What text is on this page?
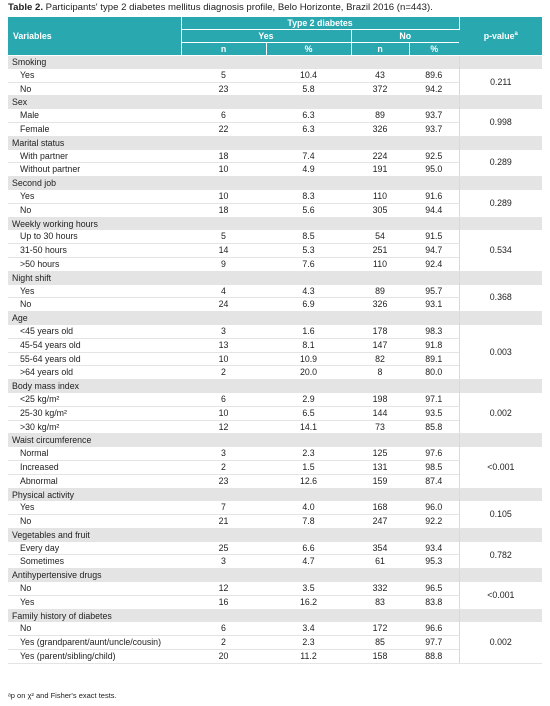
Table 2. Participants' type 2 diabetes mellitus diagnosis profile, Belo Horizonte, Brazil 2016 (n=443).
Variables	Type 2 diabetes				p-value$^a$
	Yes		No		
	n	%	n	%	
Smoking					
Yes	5	10.4	43	89.6	0.211
No	23	5.8	372	94.2	
Sex					
Male	6	6.3	89	93.7	0.998
Female	22	6.3	326	93.7	
Marital status					
With partner	18	7.4	224	92.5	0.289
Without partner	10	4.9	191	95.0	
Second job					
Yes	10	8.3	110	91.6	0.289
No	18	5.6	305	94.4	
Weekly working hours					
Up to 30 hours	5	8.5	54	91.5	0.534
31-50 hours	14	5.3	251	94.7	
>50 hours	9	7.6	110	92.4	
Night shift					
Yes	4	4.3	89	95.7	0.368
No	24	6.9	326	93.1	
Age					
<45 years old	3	1.6	178	98.3	0.003
45-54 years old	13	8.1	147	91.8	
55-64 years old	10	10.9	82	89.1	
>64 years old	2	20.0	8	80.0	
Body mass index					
<25 kg/m²	6	2.9	198	97.1	0.002
25-30 kg/m²	10	6.5	144	93.5	
>30 kg/m²	12	14.1	73	85.8	
Waist circumference					
Normal	3	2.3	125	97.6	<0.001
Increased	2	1.5	131	98.5	
Abnormal	23	12.6	159	87.4	
Physical activity					
Yes	7	4.0	168	96.0	0.105
No	21	7.8	247	92.2	
Vegetables and fruit					
Every day	25	6.6	354	93.4	0.782
Sometimes	3	4.7	61	95.3	
Antihypertensive drugs					
No	12	3.5	332	96.5	<0.001
Yes	16	16.2	83	83.8	
Family history of diabetes					
No	6	3.4	172	96.6	0.002
Yes (grandparent/aunt/uncle/cousin)	2	2.3	85	97.7	
Yes (parent/sibling/child)	20	11.2	158	88.8	
ᵃp on χ² and Fisher's exact tests.
